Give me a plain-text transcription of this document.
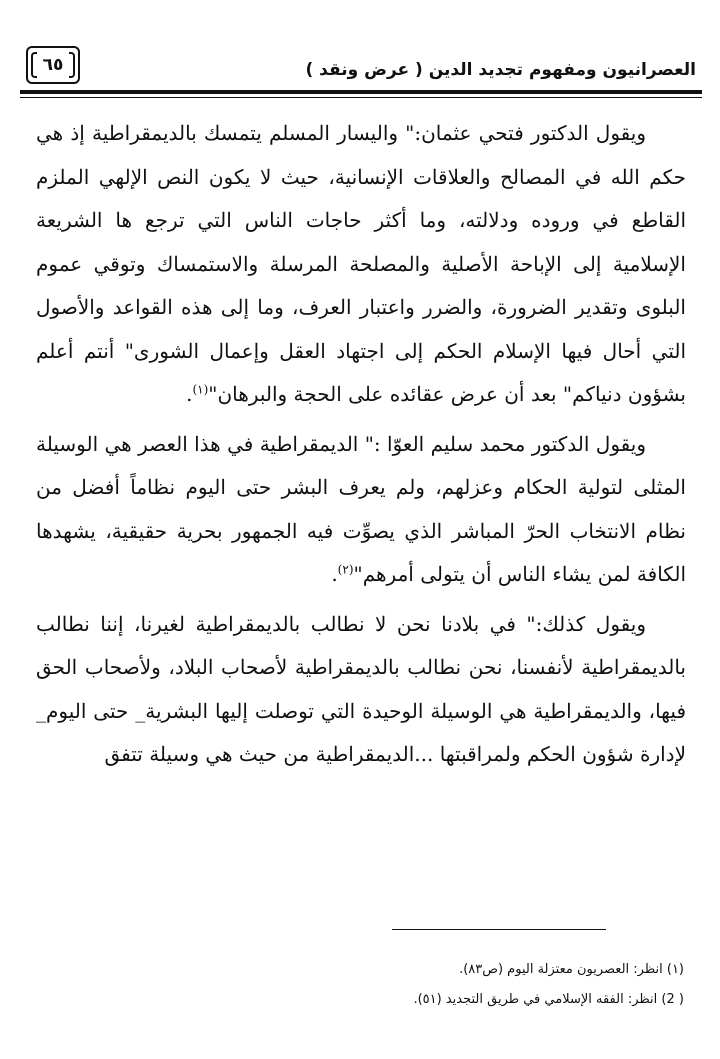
العصرانيون ومفهوم تجديد الدين ( عرض ونقد )
٦٥

ويقول الدكتور فتحي عثمان:" واليسار المسلم يتمسك بالديمقراطية إذ هي حكم الله في المصالح والعلاقات الإنسانية، حيث لا يكون النص الإلهي الملزم القاطع في وروده ودلالته، وما أكثر حاجات الناس التي ترجع ها الشريعة الإسلامية إلى الإباحة الأصلية والمصلحة المرسلة والاستمساك وتوقي عموم البلوى وتقدير الضرورة، والضرر واعتبار العرف، وما إلى هذه القواعد والأصول التي أحال فيها الإسلام الحكم إلى اجتهاد العقل وإعمال الشورى" أنتم أعلم بشؤون دنياكم" بعد أن عرض عقائده على الحجة والبرهان"$^{(١)}$.

ويقول الدكتور محمد سليم العوّا :" الديمقراطية في هذا العصر هي الوسيلة المثلى لتولية الحكام وعزلهم، ولم يعرف البشر حتى اليوم نظاماً أفضل من نظام الانتخاب الحرّ المباشر الذي يصوِّت فيه الجمهور بحرية حقيقية، يشهدها الكافة لمن يشاء الناس أن يتولى أمرهم"$^{(٢)}$.

ويقول كذلك:" في بلادنا نحن لا نطالب بالديمقراطية لغيرنا، إننا نطالب بالديمقراطية لأنفسنا، نحن نطالب بالديمقراطية لأصحاب البلاد، ولأصحاب الحق فيها، والديمقراطية هي الوسيلة الوحيدة التي توصلت إليها البشرية_ حتى اليوم_ لإدارة شؤون الحكم ولمراقبتها ...الديمقراطية من حيث هي وسيلة تتفق

(١) انظر: العصريون معتزلة اليوم (ص٨٣).
( 2) انظر: الفقه الإسلامي في طريق التجديد (٥١).
